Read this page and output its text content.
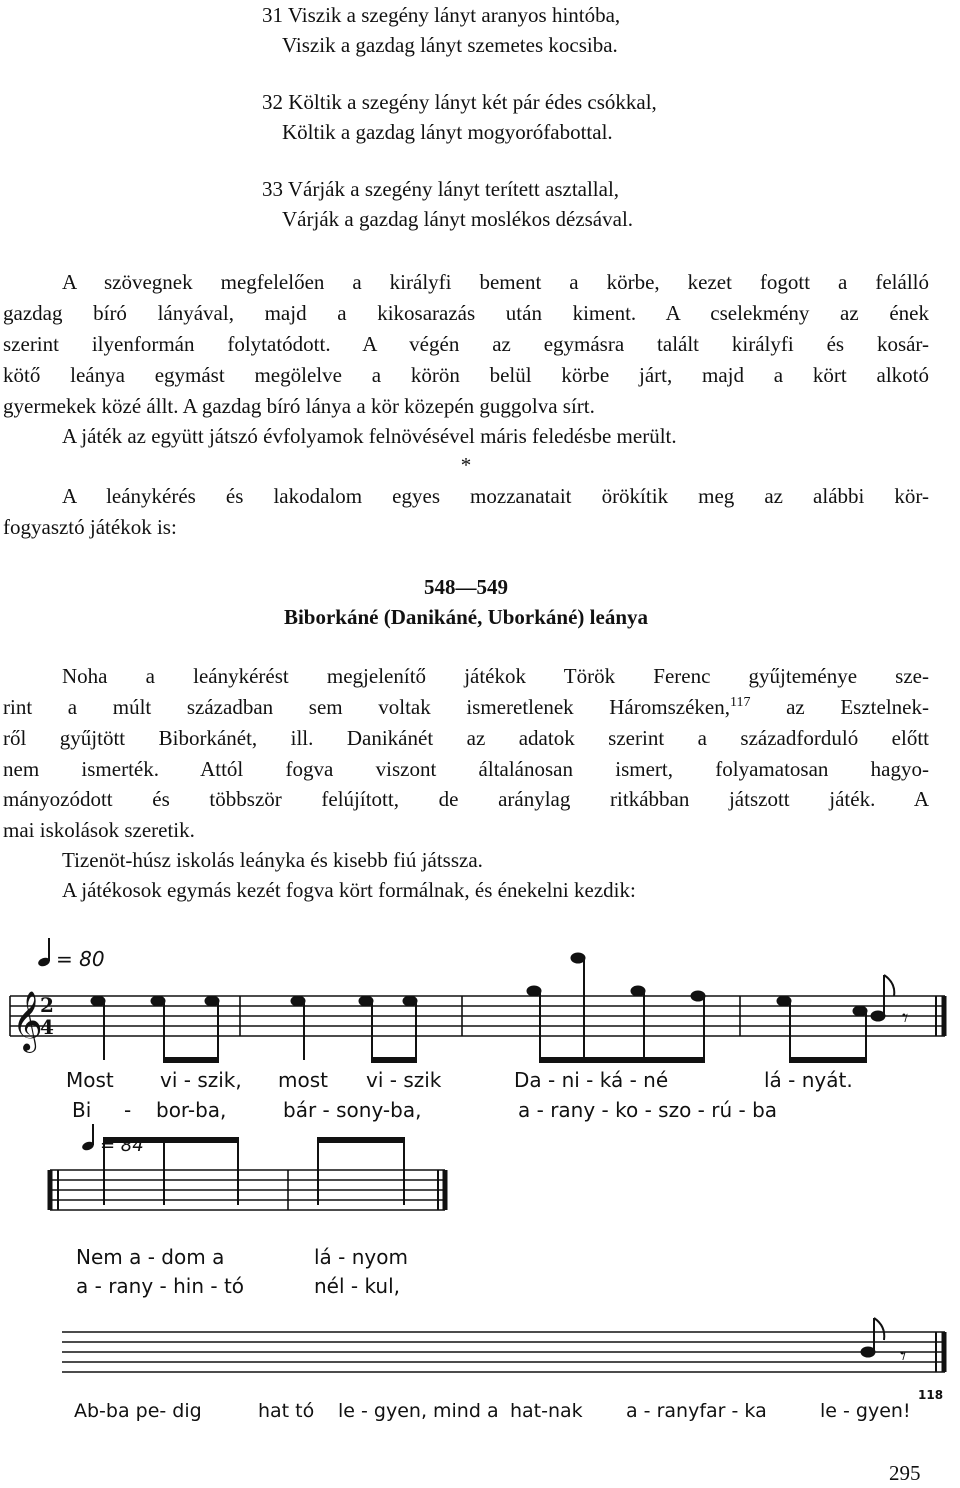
31 Viszik a szegény lányt aranyos hintóba,
Viszik a gazdag lányt szemetes kocsiba.
32 Költik a szegény lányt két pár édes csókkal,
Költik a gazdag lányt mogyorófabottal.
33 Várják a szegény lányt terített asztallal,
Várják a gazdag lányt moslékos dézsával.
A szövegnek megfelelően a királyfi bement a körbe, kezet fogott a felálló
gazdag bíró lányával, majd a kikosarazás után kiment. A cselekmény az ének
szerint ilyenformán folytatódott. A végén az egymásra talált királyfi és kosár-
kötő leánya egymást megölelve a körön belül körbe járt, majd a kört alkotó
gyermekek közé állt. A gazdag bíró lánya a kör közepén guggolva sírt.
A játék az együtt játszó évfolyamok felnövésével máris feledésbe merült.
*
A leánykérés és lakodalom egyes mozzanatait örökítik meg az alábbi kör-
fogyasztó játékok is:
548—549
Biborkáné (Danikáné, Uborkáné) leánya
Noha a leánykérést megjelenítő játékok Török Ferenc gyűjteménye sze-
rint a múlt században sem voltak ismeretlenek Háromszéken,$^{117}$ az Esztelnek-
ről gyűjtött Biborkánét, ill. Danikánét az adatok szerint a századforduló előtt
nem ismerték. Attól fogva viszont általánosan ismert, folyamatosan hagyo-
mányozódott és többször felújított, de aránylag ritkábban játszott játék. A
mai iskolások szeretik.
Tizenöt-húsz iskolás leányka és kisebb fiú játssza.
A játékosok egymás kezét fogva kört formálnak, és énekelni kezdik:
= 80
𝄞
2
4	𝄾
= 84
𝄾
Most vi - szik, most vi - szik	Da - ni - ká - né	lá - nyát.
Bi - bor-ba,	bár - sony-ba,	a - rany - ko - szo - rú - ba
Nem a - dom a	lá - nyom
a - rany - hin - tó	nél - kul,
Ab-ba pe- dig	hat tó le - gyen, mind a hat-nak a - ranyfar - ka	le - gyen!
118
295
